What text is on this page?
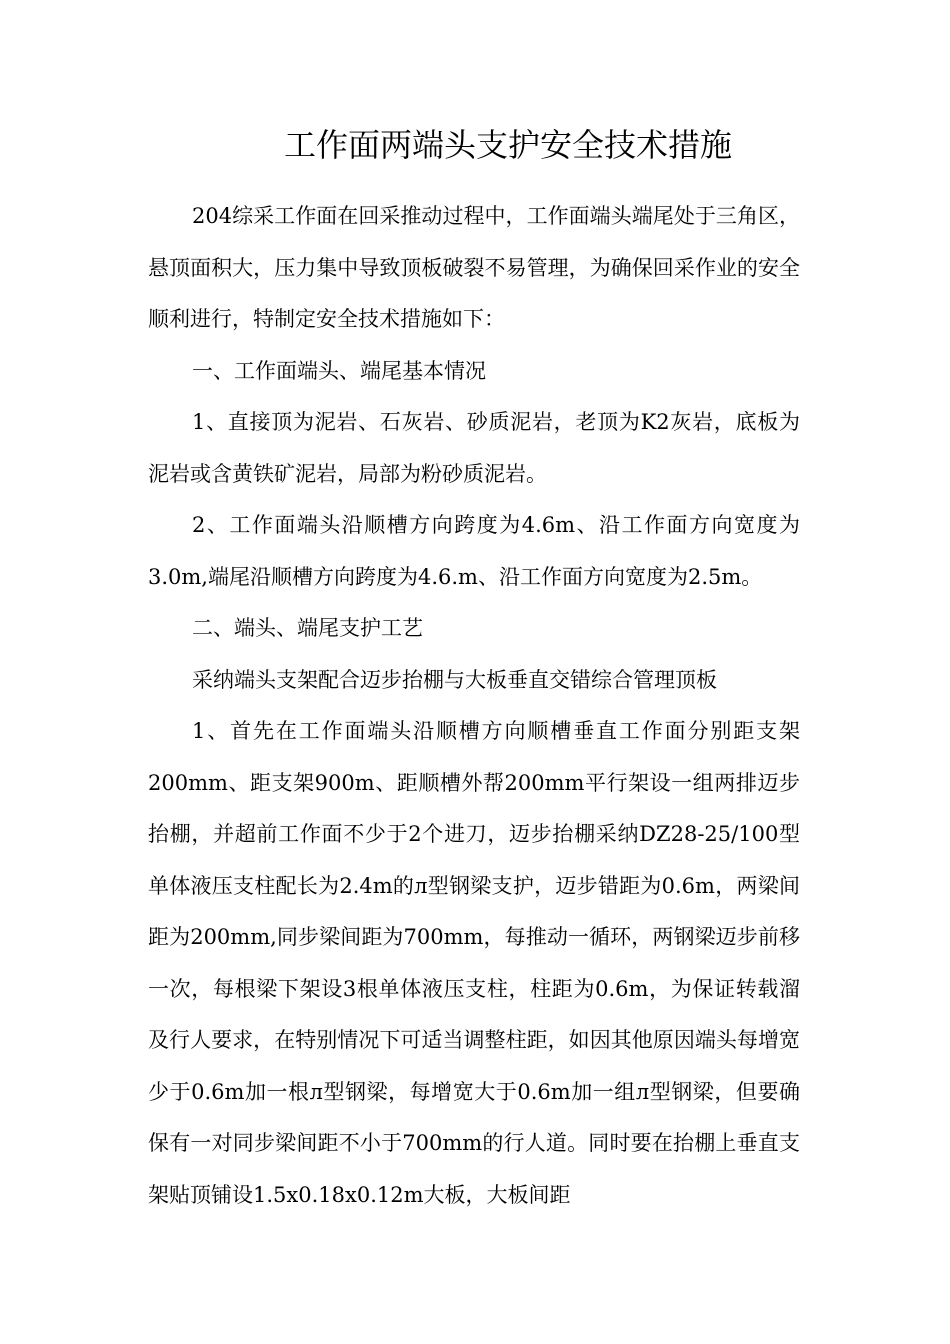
工作面两端头支护安全技术措施

204综采工作面在回采推动过程中，工作面端头端尾处于三角区，悬顶面积大，压力集中导致顶板破裂不易管理，为确保回采作业的安全顺利进行，特制定安全技术措施如下：

一、工作面端头、端尾基本情况

1、直接顶为泥岩、石灰岩、砂质泥岩，老顶为K2灰岩，底板为泥岩或含黄铁矿泥岩，局部为粉砂质泥岩。

2、工作面端头沿顺槽方向跨度为4.6m、沿工作面方向宽度为3.0m,端尾沿顺槽方向跨度为4.6.m、沿工作面方向宽度为2.5m。

二、端头、端尾支护工艺

采纳端头支架配合迈步抬棚与大板垂直交错综合管理顶板

1、首先在工作面端头沿顺槽方向顺槽垂直工作面分别距支架200mm、距支架900m、距顺槽外帮200mm平行架设一组两排迈步抬棚，并超前工作面不少于2个进刀，迈步抬棚采纳DZ28-25/100型单体液压支柱配长为2.4m的л型钢梁支护，迈步错距为0.6m，两梁间距为200mm,同步梁间距为700mm，每推动一循环，两钢梁迈步前移一次，每根梁下架设3根单体液压支柱，柱距为0.6m，为保证转载溜及行人要求，在特别情况下可适当调整柱距，如因其他原因端头每增宽少于0.6m加一根л型钢梁，每增宽大于0.6m加一组л型钢梁，但要确保有一对同步梁间距不小于700mm的行人道。同时要在抬棚上垂直支架贴顶铺设1.5x0.18x0.12m大板，大板间距
